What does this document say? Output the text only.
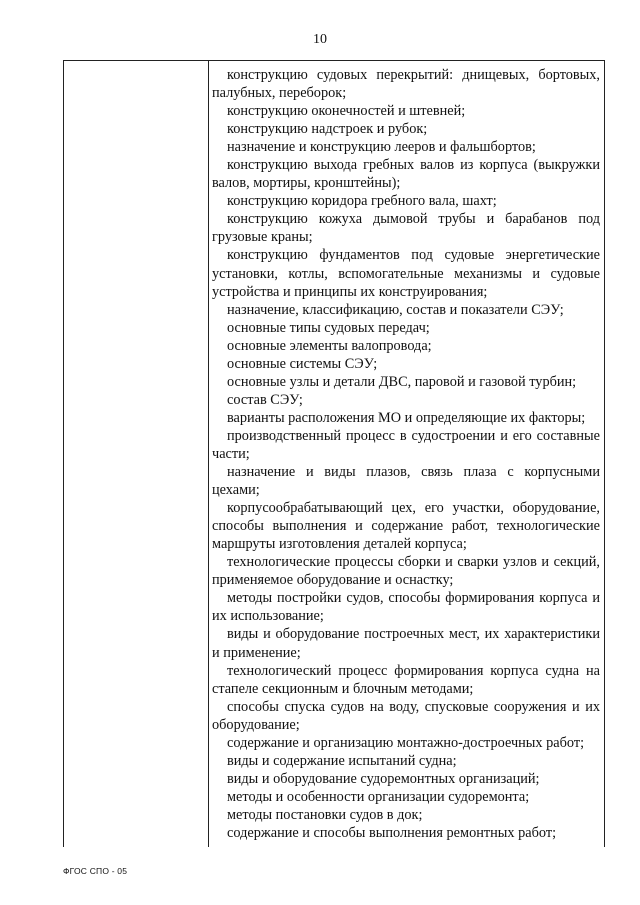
10

конструкцию судовых перекрытий: днищевых, бортовых, палубных, переборок;

конструкцию оконечностей и штевней;

конструкцию надстроек и рубок;

назначение и конструкцию лееров и фальшбортов;

конструкцию выхода гребных валов из корпуса (выкружки валов, мортиры, кронштейны);

конструкцию коридора гребного вала, шахт;

конструкцию кожуха дымовой трубы и барабанов под грузовые краны;

конструкцию фундаментов под судовые энергетические установки, котлы, вспомогательные механизмы и судовые устройства и принципы их конструирования;

назначение, классификацию, состав и показатели СЭУ;

основные типы судовых передач;

основные элементы валопровода;

основные системы СЭУ;

основные узлы и детали ДВС, паровой и газовой турбин;

состав СЭУ;

варианты расположения МО и определяющие их факторы;

производственный процесс в судостроении и его составные части;

назначение и виды плазов, связь плаза с корпусными цехами;

корпусообрабатывающий цех, его участки, оборудование, способы выполнения и содержание работ, технологические маршруты изготовления деталей корпуса;

технологические процессы сборки и сварки узлов и секций, применяемое оборудование и оснастку;

методы постройки судов, способы формирования корпуса и их использование;

виды и оборудование построечных мест, их характеристики и применение;

технологический процесс формирования корпуса судна на стапеле секционным и блочным методами;

способы спуска судов на воду, спусковые сооружения и их оборудование;

содержание и организацию монтажно-достроечных работ;

виды и содержание испытаний судна;

виды и оборудование судоремонтных организаций;

методы и особенности организации судоремонта;

методы постановки судов в док;

содержание и способы выполнения ремонтных работ;

ФГОС СПО - 05
